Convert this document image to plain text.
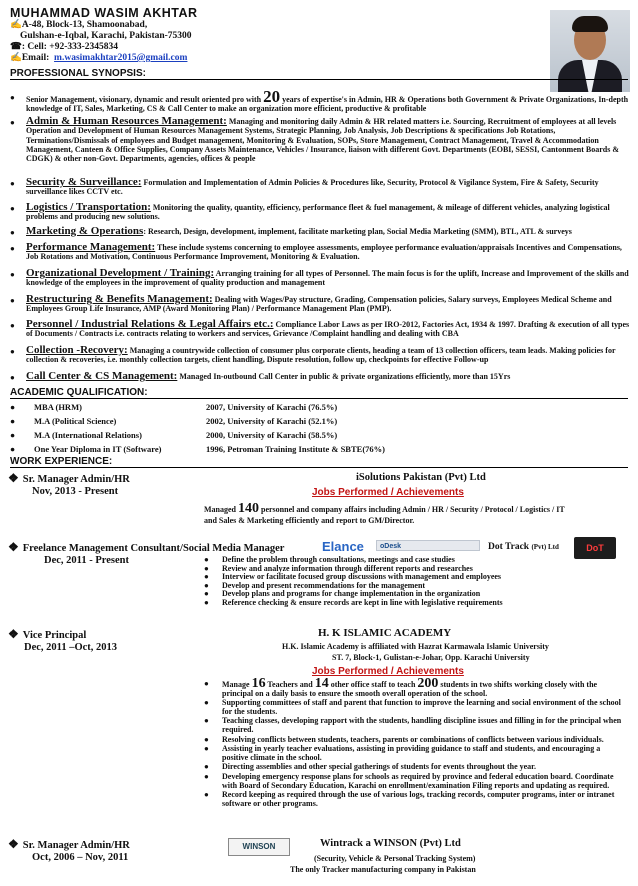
MUHAMMAD WASIM AKHTAR
✍A-48, Block-13, Shamoonabad,
Gulshan-e-Iqbal, Karachi, Pakistan-75300
☎: Cell: +92-333-2345834
✍Email: m.wasimakhtar2015@gmail.com
PROFESSIONAL SYNOPSIS:
●	Senior Management, visionary, dynamic and result oriented pro with 20 years of expertise's in Admin, HR & Operations both Government & Private Organizations, In-depth knowledge of IT, Sales, Marketing, CS & Call Center to make an organization more efficient, productive & profitable
●	Admin & Human Resources Management: Managing and monitoring daily Admin & HR related matters i.e. Sourcing, Recruitment of employees at all levels Operation and Development of Human Resources Management Systems, Strategic Planning, Job Analysis, Job Descriptions & specifications Job Rotations, Terminations/Dismissals of employees and Budget management, Monitoring & Evaluation, SOPs, Store Management, Contract Management, Travel & Accommodation Management, Canteen & Office Supplies, Company Assets Maintenance, Vehicles / Insurance, liaison with different Govt. Departments (EOBI, SESSI, Cantonment Boards & CDGK) & other non-Govt. Departments, agencies, offices & people
●	Security & Surveillance: Formulation and Implementation of Admin Policies & Procedures like, Security, Protocol & Vigilance System, Fire & Safety, Security surveillance likes CCTV etc.
●	Logistics / Transportation: Monitoring the quality, quantity, efficiency, performance fleet & fuel management, & mileage of different vehicles, analyzing logistical problems and producing new solutions.
●	Marketing & Operations: Research, Design, development, implement, facilitate marketing plan, Social Media Marketing (SMM), BTL, ATL & surveys
●	Performance Management: These include systems concerning to employee assessments, employee performance evaluation/appraisals Incentives and Compensations, Job Rotations and Motivation, Continuous Performance Improvement, Monitoring & Evaluation.
●	Organizational Development / Training: Arranging training for all types of Personnel. The main focus is for the uplift, Increase and Improvement of the skills and knowledge of the employees in the improvement of quality production and management
●	Restructuring & Benefits Management: Dealing with Wages/Pay structure, Grading, Compensation policies, Salary surveys, Employees Medical Scheme and Employees Group Life Insurance, AMP (Award Monitoring Plan) / Performance Management Plan (PMP).
●	Personnel / Industrial Relations & Legal Affairs etc.: Compliance Labor Laws as per IRO-2012, Factories Act, 1934 & 1997. Drafting & execution of all types of Documents / Contracts i.e. contracts relating to workers and services, Grievance /Complaint handling and dealing with CBA
●	Collection -Recovery: Managing a countrywide collection of consumer plus corporate clients, heading a team of 13 collection officers, team leads. Making policies for collection & recoveries, i.e. monthly collection targets, client handling, Dispute resolution, follow up, checkpoints for effective Follow-up
●	Call Center & CS Management: Managed In-outbound Call Center in public & private organizations efficiently, more than 15Yrs
ACADEMIC QUALIFICATION:
● MBA (HRM)	2007, University of Karachi (76.5%)
● M.A (Political Science)	2002, University of Karachi (52.1%)
● M.A (International Relations)	2000, University of Karachi (58.5%)
● One Year Diploma in IT (Software)	1996, Petroman Training Institute & SBTE(76%)
WORK EXPERIENCE:
❖ Sr. Manager Admin/HR
Nov, 2013 - Present
iSolutions Pakistan (Pvt) Ltd
Jobs Performed / Achievements
Managed 140 personnel and company affairs including Admin / HR / Security / Protocol / Logistics / IT
and Sales & Marketing efficiently and report to GM/Director.
❖ Freelance Management Consultant/Social Media Manager
Dec, 2011 - Present
Elance	oDesk	Dot Track (Pvt) Ltd	DoT
●	Define the problem through consultations, meetings and case studies
●	Review and analyze information through different reports and researches
●	Interview or facilitate focused group discussions with management and employees
●	Develop and present recommendations for the management
●	Develop plans and programs for change implementation in the organization
●	Reference checking & ensure records are kept in line with legislative requirements
❖ Vice Principal
Dec, 2011 –Oct, 2013
H. K ISLAMIC ACADEMY
H.K. Islamic Academy is affiliated with Hazrat Karmawala Islamic University
ST. 7, Block-1, Gulistan-e-Johar, Opp. Karachi University
Jobs Performed / Achievements
●	Manage 16 Teachers and 14 other office staff to teach 200 students in two shifts working closely with the principal on a daily basis to ensure the smooth overall operation of the school.
●	Supporting committees of staff and parent that function to improve the learning and social environment of the school for the students.
●	Teaching classes, developing rapport with the students, handling discipline issues and filling in for the principal when required.
●	Resolving conflicts between students, teachers, parents or combinations of conflicts between various individuals.
●	Assisting in yearly teacher evaluations, assisting in providing guidance to staff and students, and encouraging a positive climate in the school.
●	Directing assemblies and other special gatherings of students for events throughout the year.
●	Developing emergency response plans for schools as required by province and federal education board. Coordinate with Board of Secondary Education, Karachi on enrollment/examination Filing reports and updating as required.
●	Record keeping as required through the use of various logs, tracking records, computer programs, inter or intranet software or other programs.
❖ Sr. Manager Admin/HR
Oct, 2006 – Nov, 2011
WINSON	Wintrack a WINSON (Pvt) Ltd
(Security, Vehicle & Personal Tracking System)
The only Tracker manufacturing company in Pakistan
